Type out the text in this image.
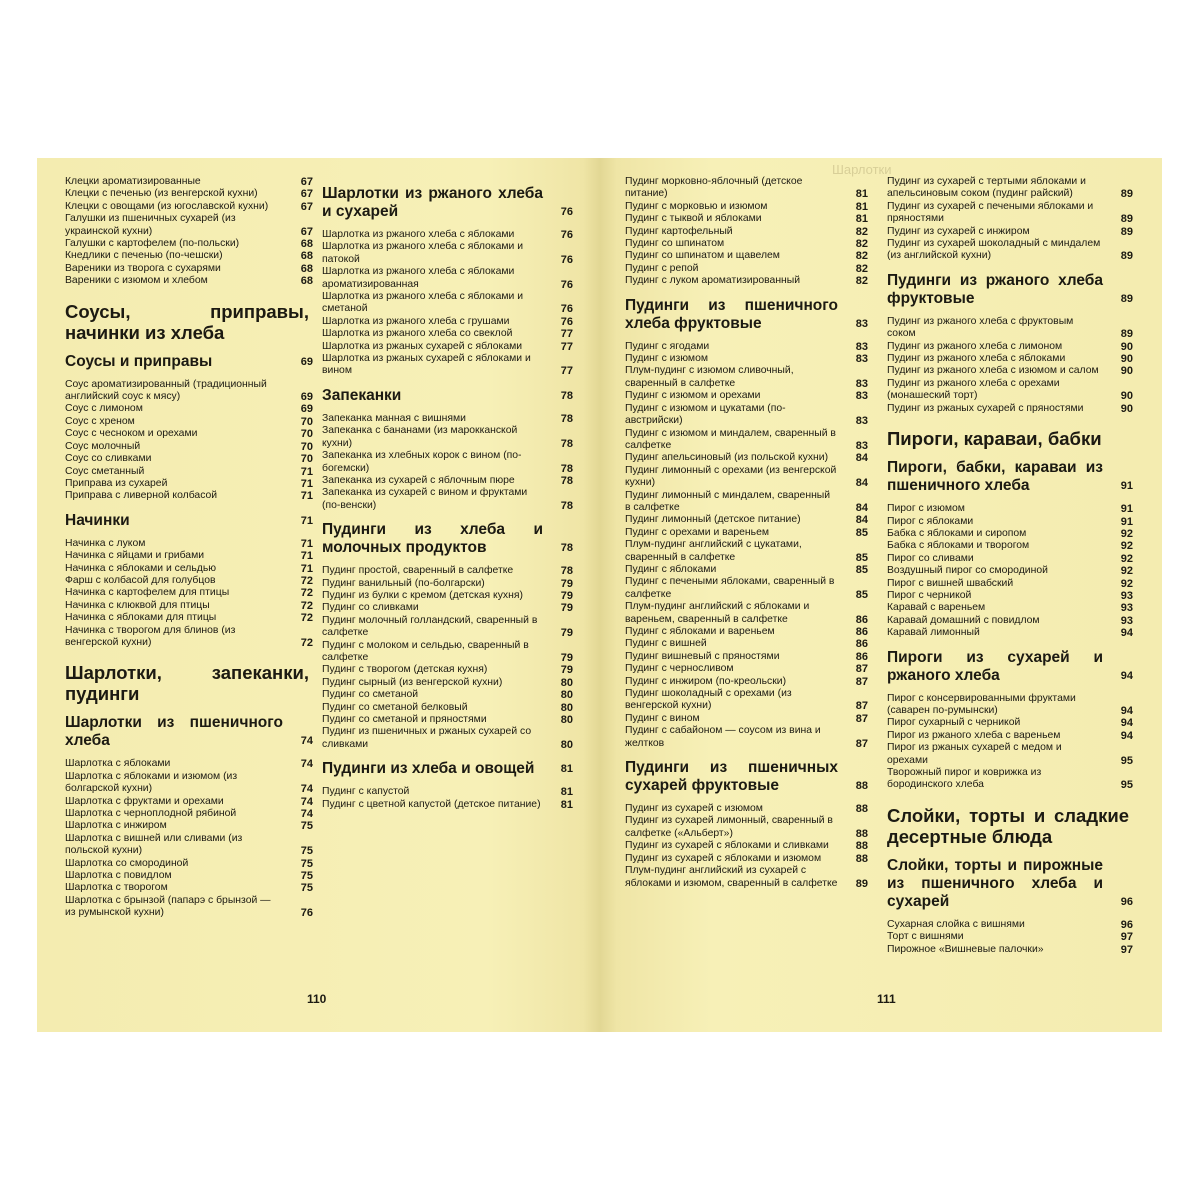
Клецки ароматизированные	67
Клецки с печенью (из венгерской кухни)	67
Клецки с овощами (из югославской кухни)	67
Галушки из пшеничных сухарей (из украинской кухни)	67
Галушки с картофелем (по-польски)	68
Кнедлики с печенью (по-чешски)	68
Вареники из творога с сухарями	68
Вареники с изюмом и хлебом	68
Соусы, приправы, начинки из хлеба
Соусы и приправы	69
Соус ароматизированный (традиционный английский соус к мясу)	69
Соус с лимоном	69
Соус с хреном	70
Соус с чесноком и орехами	70
Соус молочный	70
Соус со сливками	70
Соус сметанный	71
Приправа из сухарей	71
Приправа с ливерной колбасой	71
Начинки	71
Начинка с луком	71
Начинка с яйцами и грибами	71
Начинка с яблоками и сельдью	71
Фарш с колбасой для голубцов	72
Начинка с картофелем для птицы	72
Начинка с клюквой для птицы	72
Начинка с яблоками для птицы	72
Начинка с творогом для блинов (из венгерской кухни)	72
Шарлотки, запеканки, пудинги
Шарлотки из пшеничного хлеба	74
Шарлотка с яблоками	74
Шарлотка с яблоками и изюмом (из болгарской кухни)	74
Шарлотка с фруктами и орехами	74
Шарлотка с черноплодной рябиной	74
Шарлотка с инжиром	75
Шарлотка с вишней или сливами (из польской кухни)	75
Шарлотка со смородиной	75
Шарлотка с повидлом	75
Шарлотка с творогом	75
Шарлотка с брынзой (папарэ с брынзой — из румынской кухни)	76
Шарлотки из ржаного хлеба и сухарей	76
Шарлотка из ржаного хлеба с яблоками	76
Шарлотка из ржаного хлеба с яблоками и патокой	76
Шарлотка из ржаного хлеба с яблоками ароматизированная	76
Шарлотка из ржаного хлеба с яблоками и сметаной	76
Шарлотка из ржаного хлеба с грушами	76
Шарлотка из ржаного хлеба со свеклой	77
Шарлотка из ржаных сухарей с яблоками	77
Шарлотка из ржаных сухарей с яблоками и вином	77
Запеканки	78
Запеканка манная с вишнями	78
Запеканка с бананами (из марокканской кухни)	78
Запеканка из хлебных корок с вином (по-богемски)	78
Запеканка из сухарей с яблочным пюре	78
Запеканка из сухарей с вином и фруктами (по-венски)	78
Пудинги из хлеба и молочных продуктов	78
Пудинг простой, сваренный в салфетке	78
Пудинг ванильный (по-болгарски)	79
Пудинг из булки с кремом (детская кухня)	79
Пудинг со сливками	79
Пудинг молочный голландский, сваренный в салфетке	79
Пудинг с молоком и сельдью, сваренный в салфетке	79
Пудинг с творогом (детская кухня)	79
Пудинг сырный (из венгерской кухни)	80
Пудинг со сметаной	80
Пудинг со сметаной белковый	80
Пудинг со сметаной и пряностями	80
Пудинг из пшеничных и ржаных сухарей со сливками	80
Пудинги из хлеба и овощей 81
Пудинг с капустой	81
Пудинг с цветной капустой (детское питание) 81
110
Шарлотки
Пудинг морковно-яблочный (детское питание)	81
Пудинг с морковью и изюмом	81
Пудинг с тыквой и яблоками	81
Пудинг картофельный	82
Пудинг со шпинатом	82
Пудинг со шпинатом и щавелем	82
Пудинг с репой	82
Пудинг с луком ароматизированный	82
Пудинги из пшеничного хлеба фруктовые	83
Пудинг с ягодами	83
Пудинг с изюмом	83
Плум-пудинг с изюмом сливочный, сваренный в салфетке	83
Пудинг с изюмом и орехами	83
Пудинг с изюмом и цукатами (по-австрийски)	83
Пудинг с изюмом и миндалем, сваренный в салфетке	83
Пудинг апельсиновый (из польской кухни)	84
Пудинг лимонный с орехами (из венгерской кухни)	84
Пудинг лимонный с миндалем, сваренный в салфетке	84
Пудинг лимонный (детское питание)	84
Пудинг с орехами и вареньем	85
Плум-пудинг английский с цукатами, сваренный в салфетке	85
Пудинг с яблоками	85
Пудинг с печеными яблоками, сваренный в салфетке	85
Плум-пудинг английский с яблоками и вареньем, сваренный в салфетке	86
Пудинг с яблоками и вареньем	86
Пудинг с вишней	86
Пудинг вишневый с пряностями	86
Пудинг с черносливом	87
Пудинг с инжиром (по-креольски)	87
Пудинг шоколадный с орехами (из венгерской кухни)	87
Пудинг с вином	87
Пудинг с сабайоном — соусом из вина и желтков	87
Пудинги из пшеничных сухарей фруктовые	88
Пудинг из сухарей с изюмом	88
Пудинг из сухарей лимонный, сваренный в салфетке («Альберт»)	88
Пудинг из сухарей с яблоками и сливками	88
Пудинг из сухарей с яблоками и изюмом	88
Плум-пудинг английский из сухарей с яблоками и изюмом, сваренный в салфетке 89
Пудинг из сухарей с тертыми яблоками и апельсиновым соком (пудинг райский)	89
Пудинг из сухарей с печеными яблоками и пряностями	89
Пудинг из сухарей с инжиром	89
Пудинг из сухарей шоколадный с миндалем (из английской кухни)	89
Пудинги из ржаного хлеба фруктовые	89
Пудинг из ржаного хлеба с фруктовым соком	89
Пудинг из ржаного хлеба с лимоном	90
Пудинг из ржаного хлеба с яблоками	90
Пудинг из ржаного хлеба с изюмом и салом	90
Пудинг из ржаного хлеба с орехами (монашеский торт)	90
Пудинг из ржаных сухарей с пряностями	90
Пироги, караваи, бабки
Пироги, бабки, караваи из пшеничного хлеба	91
Пирог с изюмом	91
Пирог с яблоками	91
Бабка с яблоками и сиропом	92
Бабка с яблоками и творогом	92
Пирог со сливами	92
Воздушный пирог со смородиной	92
Пирог с вишней швабский	92
Пирог с черникой	93
Каравай с вареньем	93
Каравай домашний с повидлом	93
Каравай лимонный	94
Пироги из сухарей и ржаного хлеба	94
Пирог с консервированными фруктами (саварен по-румынски)	94
Пирог сухарный с черникой	94
Пирог из ржаного хлеба с вареньем	94
Пирог из ржаных сухарей с медом и орехами	95
Творожный пирог и коврижка из бородинского хлеба	95
Слойки, торты и сладкие десертные блюда
Слойки, торты и пирожные из пшеничного хлеба и сухарей	96
Сухарная слойка с вишнями	96
Торт с вишнями	97
Пирожное «Вишневые палочки»	97
111
